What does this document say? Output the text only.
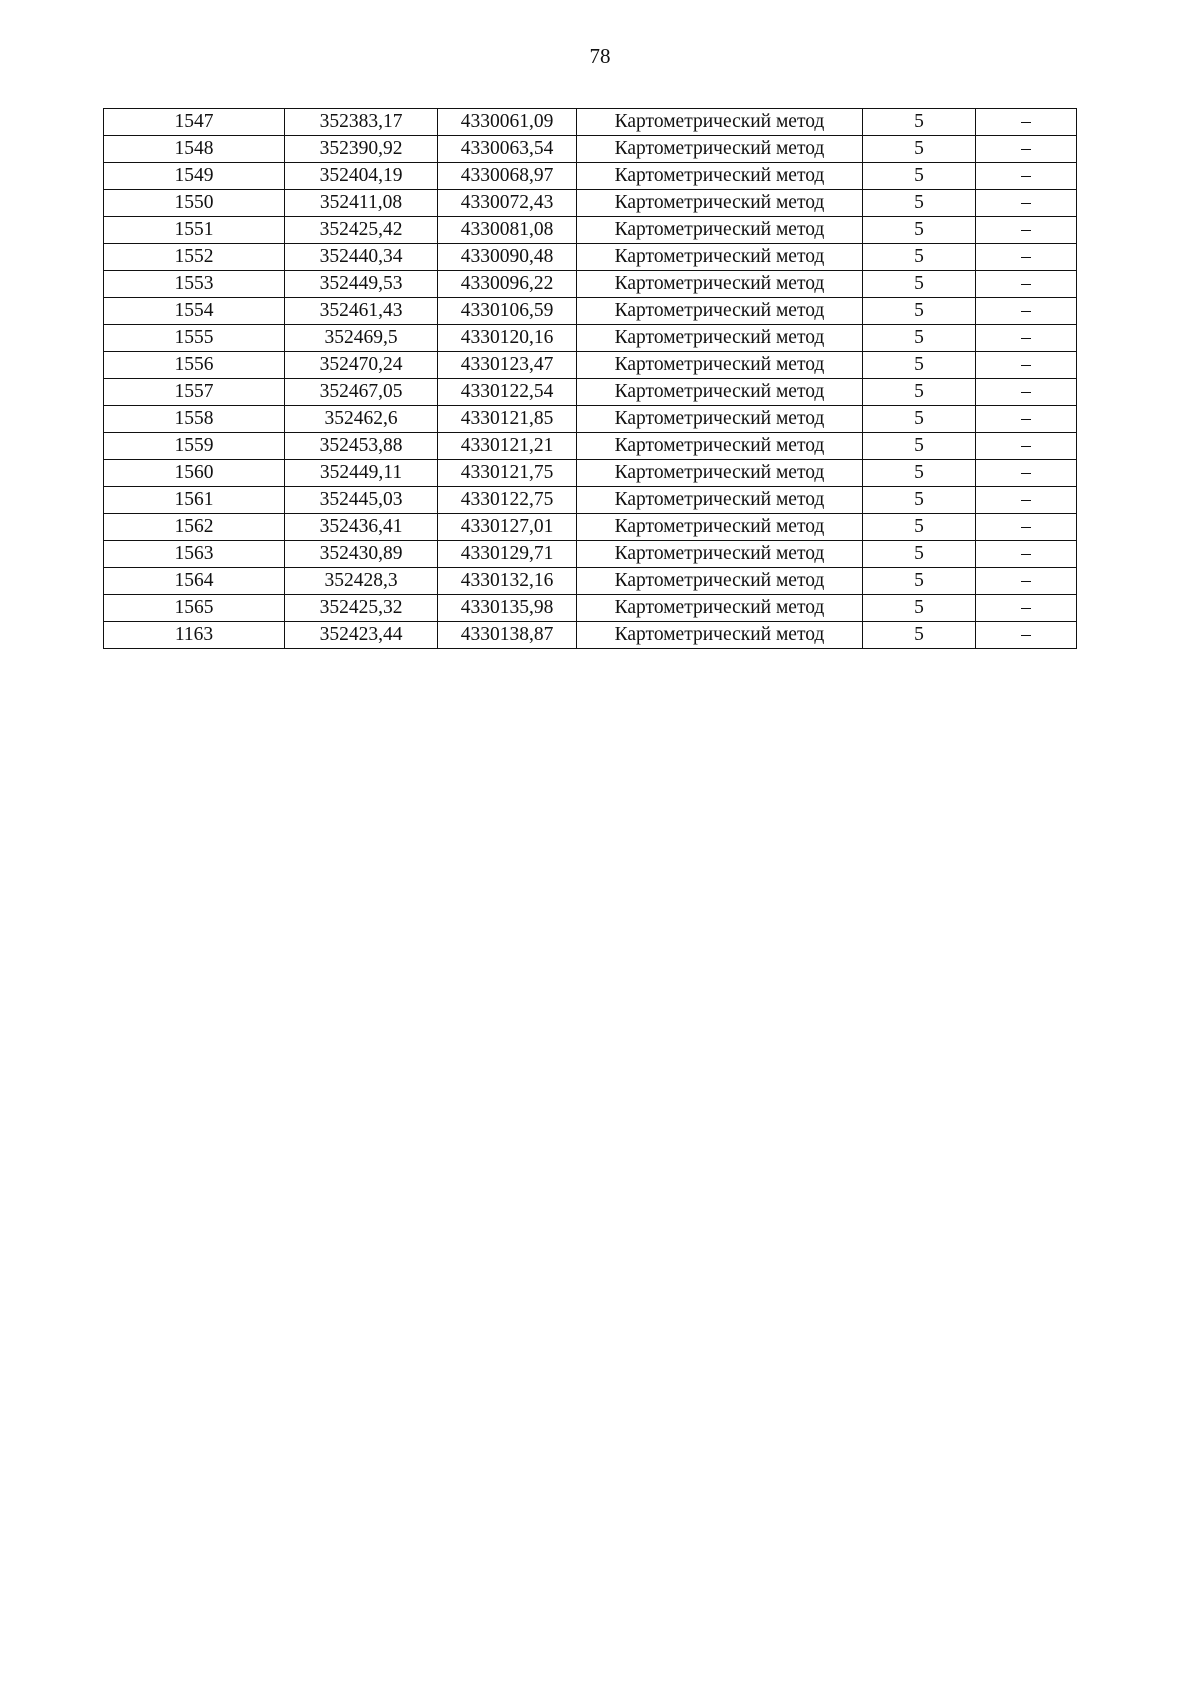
78
1547	352383,17	4330061,09	Картометрический метод	5	–
1548	352390,92	4330063,54	Картометрический метод	5	–
1549	352404,19	4330068,97	Картометрический метод	5	–
1550	352411,08	4330072,43	Картометрический метод	5	–
1551	352425,42	4330081,08	Картометрический метод	5	–
1552	352440,34	4330090,48	Картометрический метод	5	–
1553	352449,53	4330096,22	Картометрический метод	5	–
1554	352461,43	4330106,59	Картометрический метод	5	–
1555	352469,5	4330120,16	Картометрический метод	5	–
1556	352470,24	4330123,47	Картометрический метод	5	–
1557	352467,05	4330122,54	Картометрический метод	5	–
1558	352462,6	4330121,85	Картометрический метод	5	–
1559	352453,88	4330121,21	Картометрический метод	5	–
1560	352449,11	4330121,75	Картометрический метод	5	–
1561	352445,03	4330122,75	Картометрический метод	5	–
1562	352436,41	4330127,01	Картометрический метод	5	–
1563	352430,89	4330129,71	Картометрический метод	5	–
1564	352428,3	4330132,16	Картометрический метод	5	–
1565	352425,32	4330135,98	Картометрический метод	5	–
1163	352423,44	4330138,87	Картометрический метод	5	–
